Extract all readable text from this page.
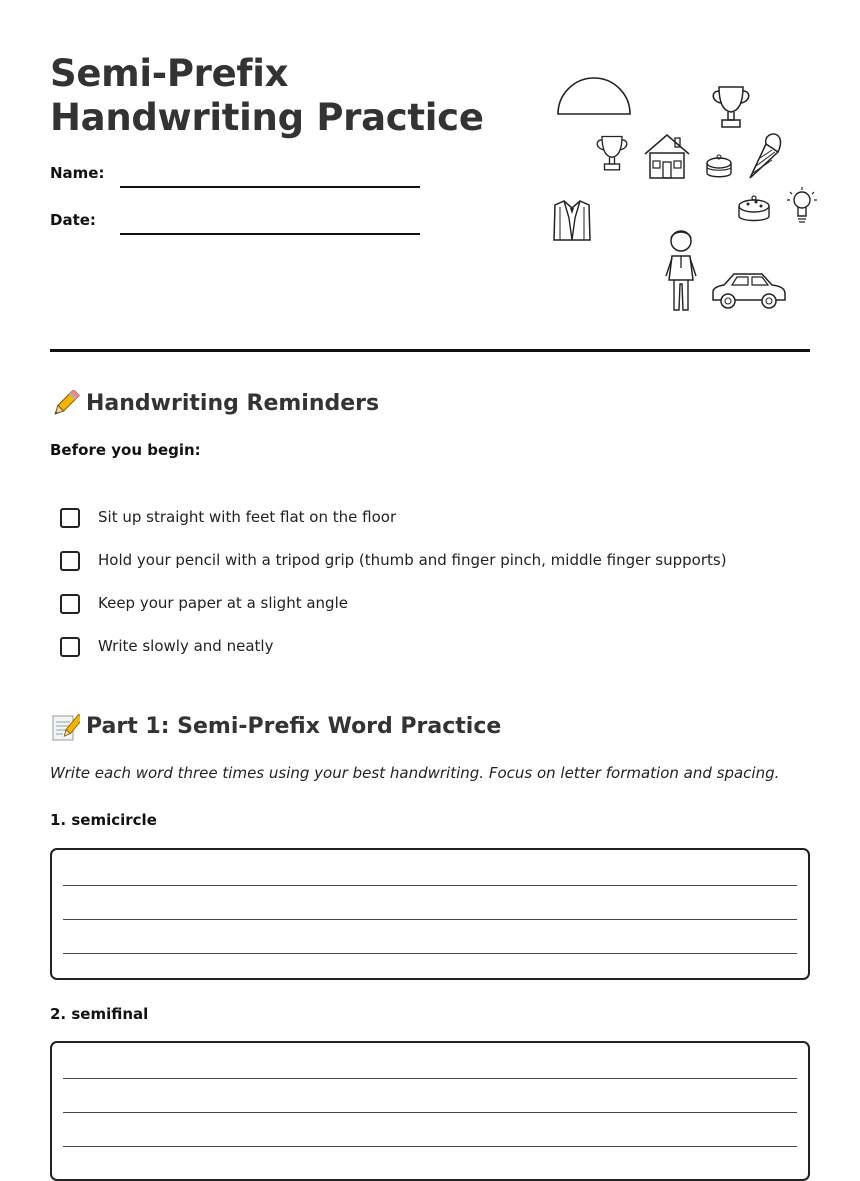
Semi-Prefix
Handwriting Practice
Name:
Date:
Handwriting Reminders
Before you begin:
Sit up straight with feet flat on the floor
Hold your pencil with a tripod grip (thumb and finger pinch, middle finger supports)
Keep your paper at a slight angle
Write slowly and neatly
Part 1: Semi-Prefix Word Practice
Write each word three times using your best handwriting. Focus on letter formation and spacing.
1. semicircle
2. semifinal
